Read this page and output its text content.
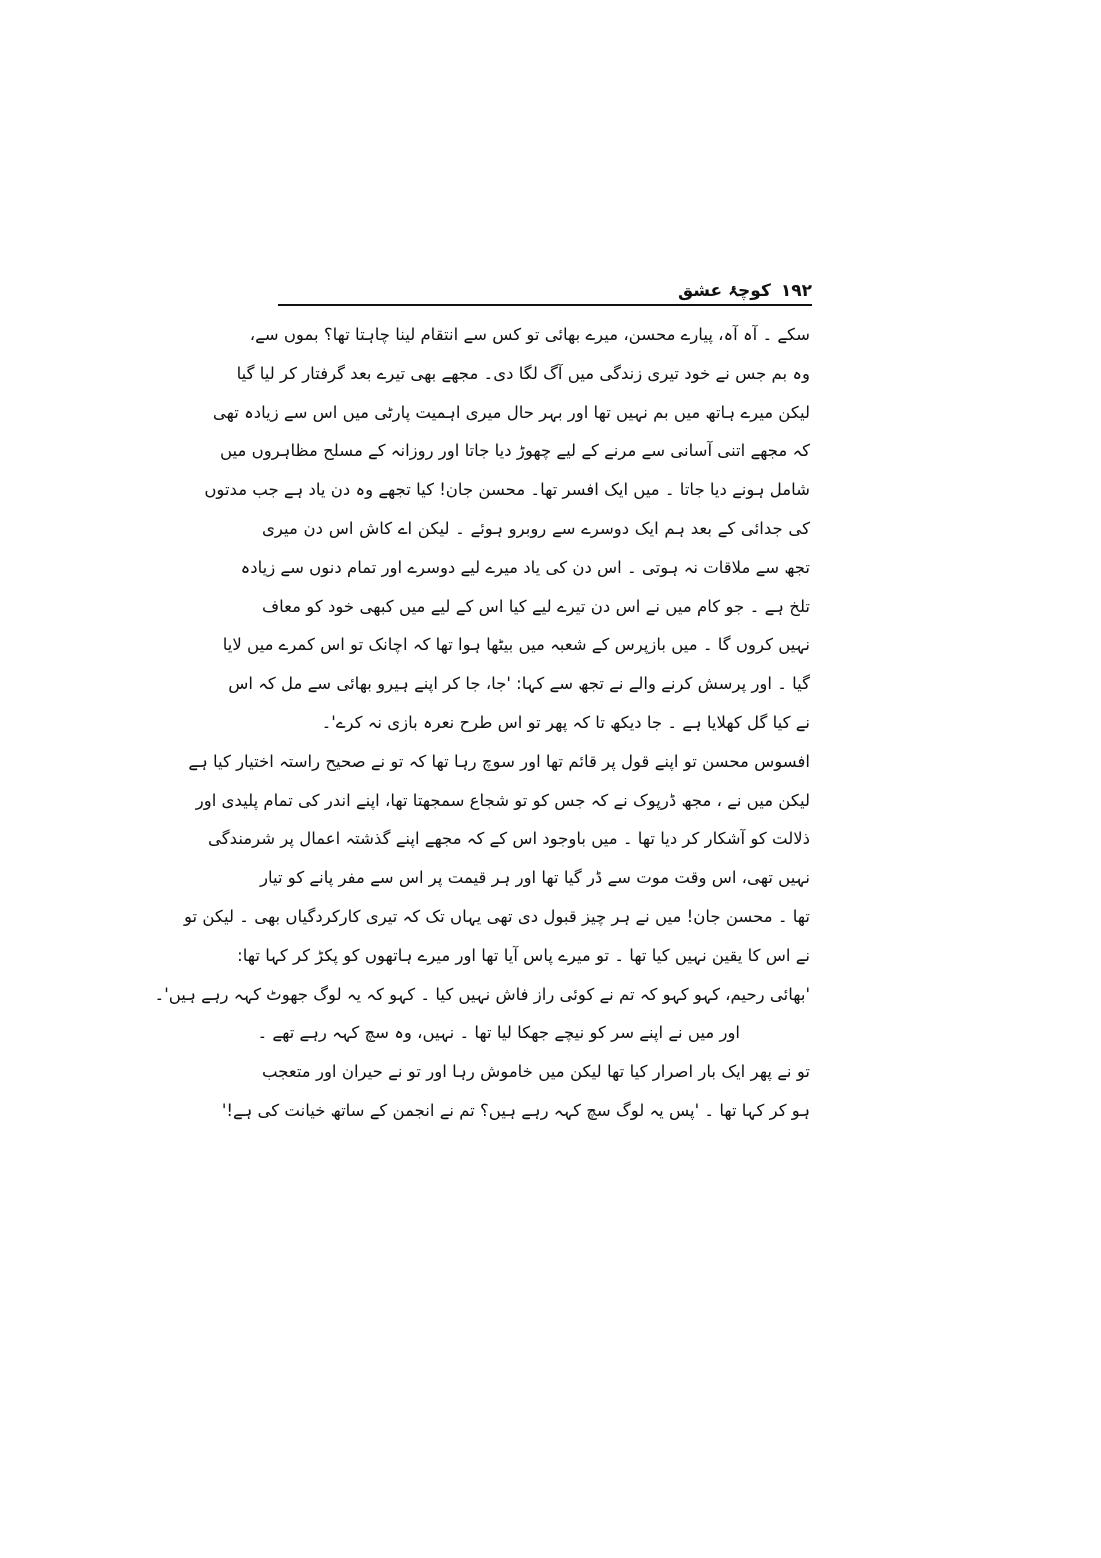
۱۹۲
کوچۂ عشق
سکے ۔ آہ آہ، پیارے محسن، میرے بھائی تو کس سے انتقام لینا چاہتا تھا؟ بموں سے،
وہ بم جس نے خود تیری زندگی میں آگ لگا دی۔ مجھے بھی تیرے بعد گرفتار کر لیا گیا
لیکن میرے ہاتھ میں بم نہیں تھا اور بہر حال میری اہمیت پارٹی میں اس سے زیادہ تھی
کہ مجھے اتنی آسانی سے مرنے کے لیے چھوڑ دیا جاتا اور روزانہ کے مسلح مظاہروں میں
شامل ہونے دیا جاتا ۔ میں ایک افسر تھا۔ محسن جان! کیا تجھے وہ دن یاد ہے جب مدتوں
کی جدائی کے بعد ہم ایک دوسرے سے روبرو ہوئے ۔ لیکن اے کاش اس دن میری
تجھ سے ملاقات نہ ہوتی ۔ اس دن کی یاد میرے لیے دوسرے اور تمام دنوں سے زیادہ
تلخ ہے ۔ جو کام میں نے اس دن تیرے لیے کیا اس کے لیے میں کبھی خود کو معاف
نہیں کروں گا ۔ میں بازپرس کے شعبہ میں بیٹھا ہوا تھا کہ اچانک تو اس کمرے میں لایا
گیا ۔ اور پرسش کرنے والے نے تجھ سے کہا: 'جا، جا کر اپنے ہیرو بھائی سے مل کہ اس
نے کیا گل کھلایا ہے ۔ جا دیکھ تا کہ پھر تو اس طرح نعرہ بازی نہ کرے'۔
افسوس محسن تو اپنے قول پر قائم تھا اور سوچ رہا تھا کہ تو نے صحیح راستہ اختیار کیا ہے
لیکن میں نے ، مجھ ڈرپوک نے کہ جس کو تو شجاع سمجھتا تھا، اپنے اندر کی تمام پلیدی اور
ذلالت کو آشکار کر دیا تھا ۔ میں باوجود اس کے کہ مجھے اپنے گذشتہ اعمال پر شرمندگی
نہیں تھی، اس وقت موت سے ڈر گیا تھا اور ہر قیمت پر اس سے مفر پانے کو تیار
تھا ۔ محسن جان! میں نے ہر چیز قبول دی تھی یہاں تک کہ تیری کارکردگیاں بھی ۔ لیکن تو
نے اس کا یقین نہیں کیا تھا ۔ تو میرے پاس آیا تھا اور میرے ہاتھوں کو پکڑ کر کہا تھا:
'بھائی رحیم، کہو کہو کہ تم نے کوئی راز فاش نہیں کیا ۔ کہو کہ یہ لوگ جھوٹ کہہ رہے ہیں'۔
اور میں نے اپنے سر کو نیچے جھکا لیا تھا ۔ نہیں، وہ سچ کہہ رہے تھے ۔
تو نے پھر ایک بار اصرار کیا تھا لیکن میں خاموش رہا اور تو نے حیران اور متعجب
ہو کر کہا تھا ۔ 'پس یہ لوگ سچ کہہ رہے ہیں؟ تم نے انجمن کے ساتھ خیانت کی ہے!'
